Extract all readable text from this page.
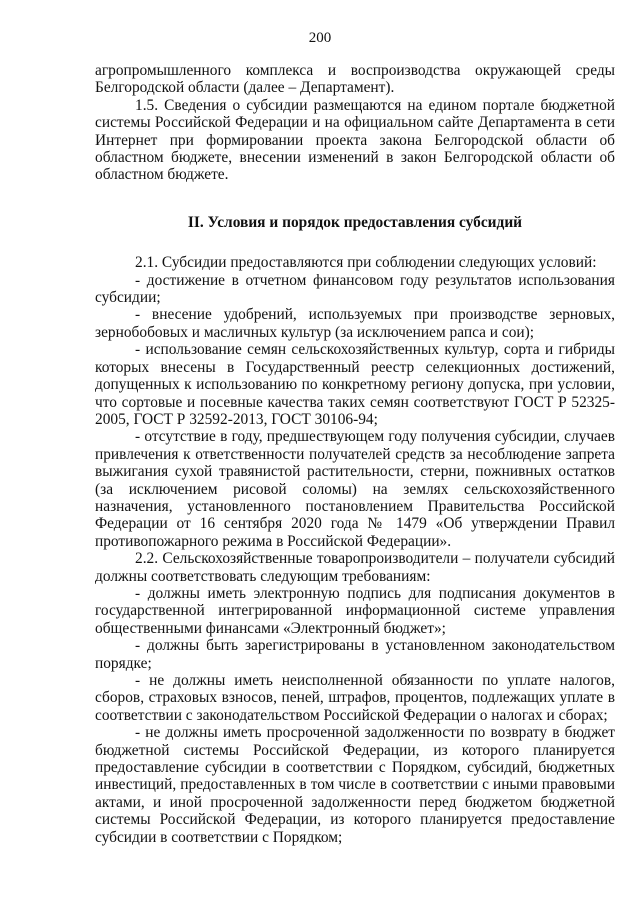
200

агропромышленного комплекса и воспроизводства окружающей среды Белгородской области (далее – Департамент).

1.5. Сведения о субсидии размещаются на едином портале бюджетной системы Российской Федерации и на официальном сайте Департамента в сети Интернет при формировании проекта закона Белгородской области об областном бюджете, внесении изменений в закон Белгородской области об областном бюджете.

II. Условия и порядок предоставления субсидий

2.1. Субсидии предоставляются при соблюдении следующих условий:

- достижение в отчетном финансовом году результатов использования субсидии;

- внесение удобрений, используемых при производстве зерновых, зернобобовых и масличных культур (за исключением рапса и сои);

- использование семян сельскохозяйственных культур, сорта и гибриды которых внесены в Государственный реестр селекционных достижений, допущенных к использованию по конкретному региону допуска, при условии, что сортовые и посевные качества таких семян соответствуют ГОСТ Р 52325-2005, ГОСТ Р 32592-2013, ГОСТ 30106-94;

- отсутствие в году, предшествующем году получения субсидии, случаев привлечения к ответственности получателей средств за несоблюдение запрета выжигания сухой травянистой растительности, стерни, пожнивных остатков (за исключением рисовой соломы) на землях сельскохозяйственного назначения, установленного постановлением Правительства Российской Федерации от 16 сентября 2020 года № 1479 «Об утверждении Правил противопожарного режима в Российской Федерации».

2.2. Сельскохозяйственные товаропроизводители – получатели субсидий должны соответствовать следующим требованиям:

- должны иметь электронную подпись для подписания документов в государственной интегрированной информационной системе управления общественными финансами «Электронный бюджет»;

- должны быть зарегистрированы в установленном законодательством порядке;

- не должны иметь неисполненной обязанности по уплате налогов, сборов, страховых взносов, пеней, штрафов, процентов, подлежащих уплате в соответствии с законодательством Российской Федерации о налогах и сборах;

- не должны иметь просроченной задолженности по возврату в бюджет бюджетной системы Российской Федерации, из которого планируется предоставление субсидии в соответствии с Порядком, субсидий, бюджетных инвестиций, предоставленных в том числе в соответствии с иными правовыми актами, и иной просроченной задолженности перед бюджетом бюджетной системы Российской Федерации, из которого планируется предоставление субсидии в соответствии с Порядком;
